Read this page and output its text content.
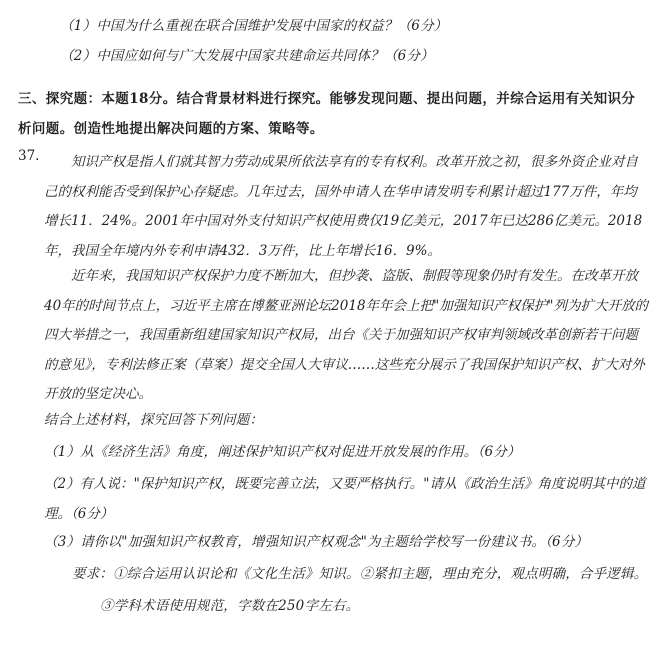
（1）中国为什么重视在联合国维护发展中国家的权益？（6分）
（2）中国应如何与广大发展中国家共建命运共同体？（6分）
三、探究题：本题18分。结合背景材料进行探究。能够发现问题、提出问题，并综合运用有关知识分析问题。创造性地提出解决问题的方案、策略等。
37.	知识产权是指人们就其智力劳动成果所依法享有的专有权利。改革开放之初，很多外资企业对自己的权利能否受到保护心存疑虑。几年过去，国外申请人在华申请发明专利累计超过177万件，年均增长11．24%。2001年中国对外支付知识产权使用费仅19亿美元，2017年已达286亿美元。2018年，我国全年境内外专利申请432．3万件，比上年增长16．9%。
近年来，我国知识产权保护力度不断加大，但抄袭、盗版、制假等现象仍时有发生。在改革开放40年的时间节点上，习近平主席在博鳌亚洲论坛2018年年会上把"加强知识产权保护"列为扩大开放的四大举措之一，我国重新组建国家知识产权局，出台《关于加强知识产权审判领域改革创新若干问题的意见》，专利法修正案（草案）提交全国人大审议……这些充分展示了我国保护知识产权、扩大对外开放的坚定决心。
结合上述材料，探究回答下列问题：
（1）从《经济生活》角度，阐述保护知识产权对促进开放发展的作用。（6分）
（2）有人说："保护知识产权，既要完善立法，又要严格执行。"请从《政治生活》角度说明其中的道理。（6分）
（3）请你以"加强知识产权教育，增强知识产权观念"为主题给学校写一份建议书。（6分）
要求：①综合运用认识论和《文化生活》知识。②紧扣主题，理由充分，观点明确，合乎逻辑。
③学科术语使用规范，字数在250字左右。
